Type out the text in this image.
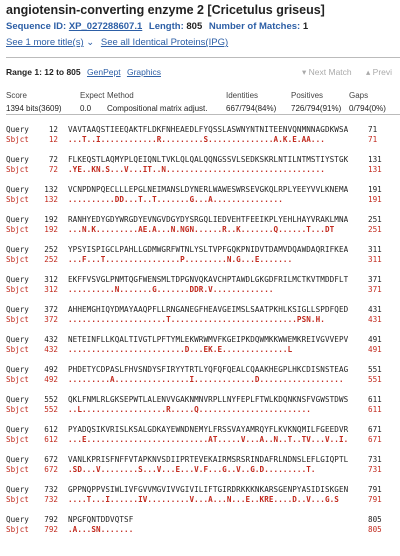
angiotensin-converting enzyme 2 [Cricetulus griseus]
Sequence ID: XP_027288607.1 Length: 805 Number of Matches: 1
See 1 more title(s) ⌄ See all Identical Proteins(IPG)
Range 1: 12 to 805 GenPept Graphics	▾ Next Match ▴ Previ
Score	Expect Method	Identities	Positives	Gaps
1394 bits(3609) 0.0 Compositional matrix adjust. 667/794(84%) 726/794(91%) 0/794(0%)
Query	12 VAVTAAQSTIEEQAKTFLDKFNHEAEDLFYQSSLASWNYNTNITEENVQNMNNAGDKWSA	71
Sbjct	12 ...T..I............R.........S..............A.K.E.AA...	71
Query	72 FLKEQSTLAQMYPLQEIQNLTVKLQLQALQQNGSSVLSEDKSKRLNTILNTMSTIYSTGK	131
Sbjct	72 .YE..KN.S...V...IT..N..................................	131
Query	132 VCNPDNPQECLLLEPGLNEIMANSLDYNERLWAWESWRSEVGKQLRPLYEEYVVLKNEMA	191
Sbjct	132 ..........DD...T..T.......G...A...............	191
Query	192 RANHYEDYGDYWRGDYEVNGVDGYDYSRGQLIEDVEHTFEEIKPLYEHLHAYVRAKLMNA	251
Sbjct	192 ...N.K.........AE.A...N.NGN......R..K.......Q......T...DT	251
Query	252 YPSYISPIGCLPAHLLGDMWGRFWTNLYSLTVPFGQKPNIDVTDAMVDQAWDAQRIFKEA	311
Sbjct	252 ...F...T................P.........N.G...E.......	311
Query	312 EKFFVSVGLPNMTQGFWENSMLTDPGNVQKAVCHPTAWDLGKGDFRILMCTKVTMDDFLT	371
Sbjct	312 ..........N.......G.......DDR.V.............	371
Query	372 AHHEMGHIQYDMAYAAQPFLLRNGANEGFHEAVGEIMSLSAATPKHLKSIGLLSPDFQED	431
Sbjct	372 .....................T...........................PSN.H.	431
Query	432 NETEINFLLKQALTIVGTLPFTYMLEKWRWMVFKGEIPKDQWMKKWWEMKREIVGVVEPV	491
Sbjct	432 .........................D...EK.E..............L	491
Query	492 PHDETYCDPASLFHVSNDYSFIRYYTRTLYQFQFQEALCQAAKHEGPLHKCDISNSTEAG	551
Sbjct	492 .........A................I.............D..................	551
Query	552 QKLFNMLRLGKSEPWTLALENVVGAKNMNVRPLLNYFEPLFTWLKDQNKNSFVGWSTDWS	611
Sbjct	552 ..L..................R.....Q........................	611
Query	612 PYADQSIKVRISLKSALGDKAYEWNDNEMYLFRSSVAYAMRQYFLKVKNQMILFGEEDVR	671
Sbjct	612 ...E..........................AT.....V...A..N..T..TV...V..I.	671
Query	672 VANLKPRISFNFFVTAPKNVSDIIPRTEVEKAIRMSRSRINDAFRLNDNSLEFLGIQPTL	731
Sbjct	672 .SD...V........S...V...E...V.F...G..V..G.D.........T.	731
Query	732 GPPNQPPVSIWLIVFGVVMGVIVVGIVILIFTGIRDRKKKNKARSGENPYASIDISKGEN	791
Sbjct	732 ....T...I......IV.........V...A...N...E..KRE....D..V...G.S	791
Query	792 NPGFQNTDDVQTSF	805
Sbjct	792 .A...SN.......	805
